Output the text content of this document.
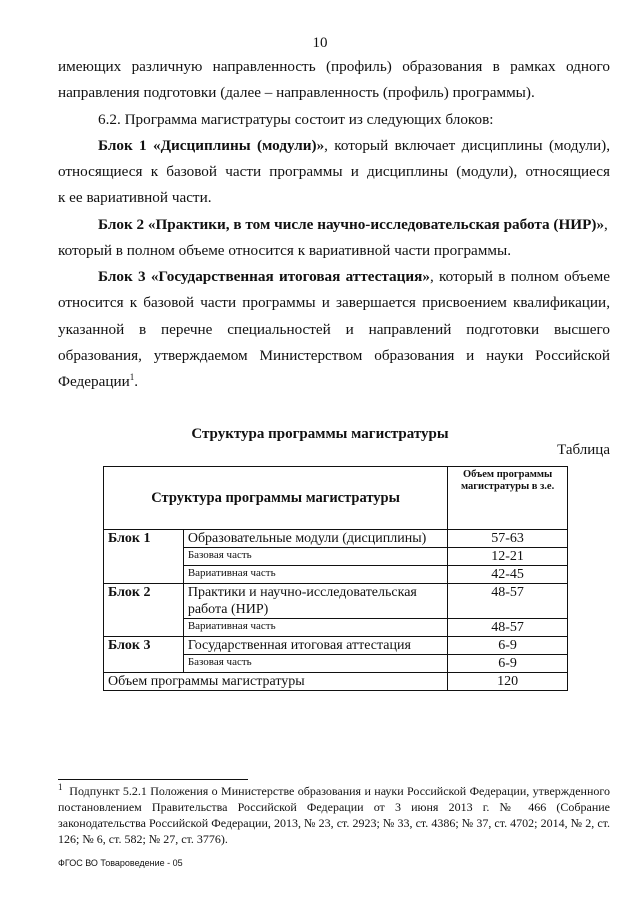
10
имеющих различную направленность (профиль) образования в рамках одного
направления подготовки (далее – направленность (профиль) программы).
6.2. Программа магистратуры состоит из следующих блоков:
Блок 1 «Дисциплины (модули)», который включает дисциплины (модули),
относящиеся к базовой части программы и дисциплины (модули), относящиеся
к ее вариативной части.
Блок 2 «Практики, в том числе научно-исследовательская работа (НИР)»,
который в полном объеме относится к вариативной части программы.
Блок 3 «Государственная итоговая аттестация», который в полном объеме
относится к базовой части программы и завершается присвоением квалификации,
указанной в перечне специальностей и направлений подготовки высшего
образования, утверждаемом Министерством образования и науки Российской
Федерации$^1$.
Структура программы магистратуры
Таблица
Структура программы магистратуры		Объем программы магистратуры в з.е.
Блок 1	Образовательные модули (дисциплины)	57-63
	Базовая часть	12-21
	Вариативная часть	42-45
Блок 2	Практики и научно-исследовательская работа (НИР)	48-57
	Вариативная часть	48-57
Блок 3	Государственная итоговая аттестация	6-9
	Базовая часть	6-9
Объем программы магистратуры		120
$^1$ Подпункт 5.2.1 Положения о Министерстве образования и науки Российской Федерации, утвержденного постановлением Правительства Российской Федерации от 3 июня 2013 г. № 466 (Собрание законодательства Российской Федерации, 2013, № 23, ст. 2923; № 33, ст. 4386; № 37, ст. 4702; 2014, № 2, ст. 126; № 6, ст. 582; № 27, ст. 3776).
ФГОС ВО Товароведение - 05
